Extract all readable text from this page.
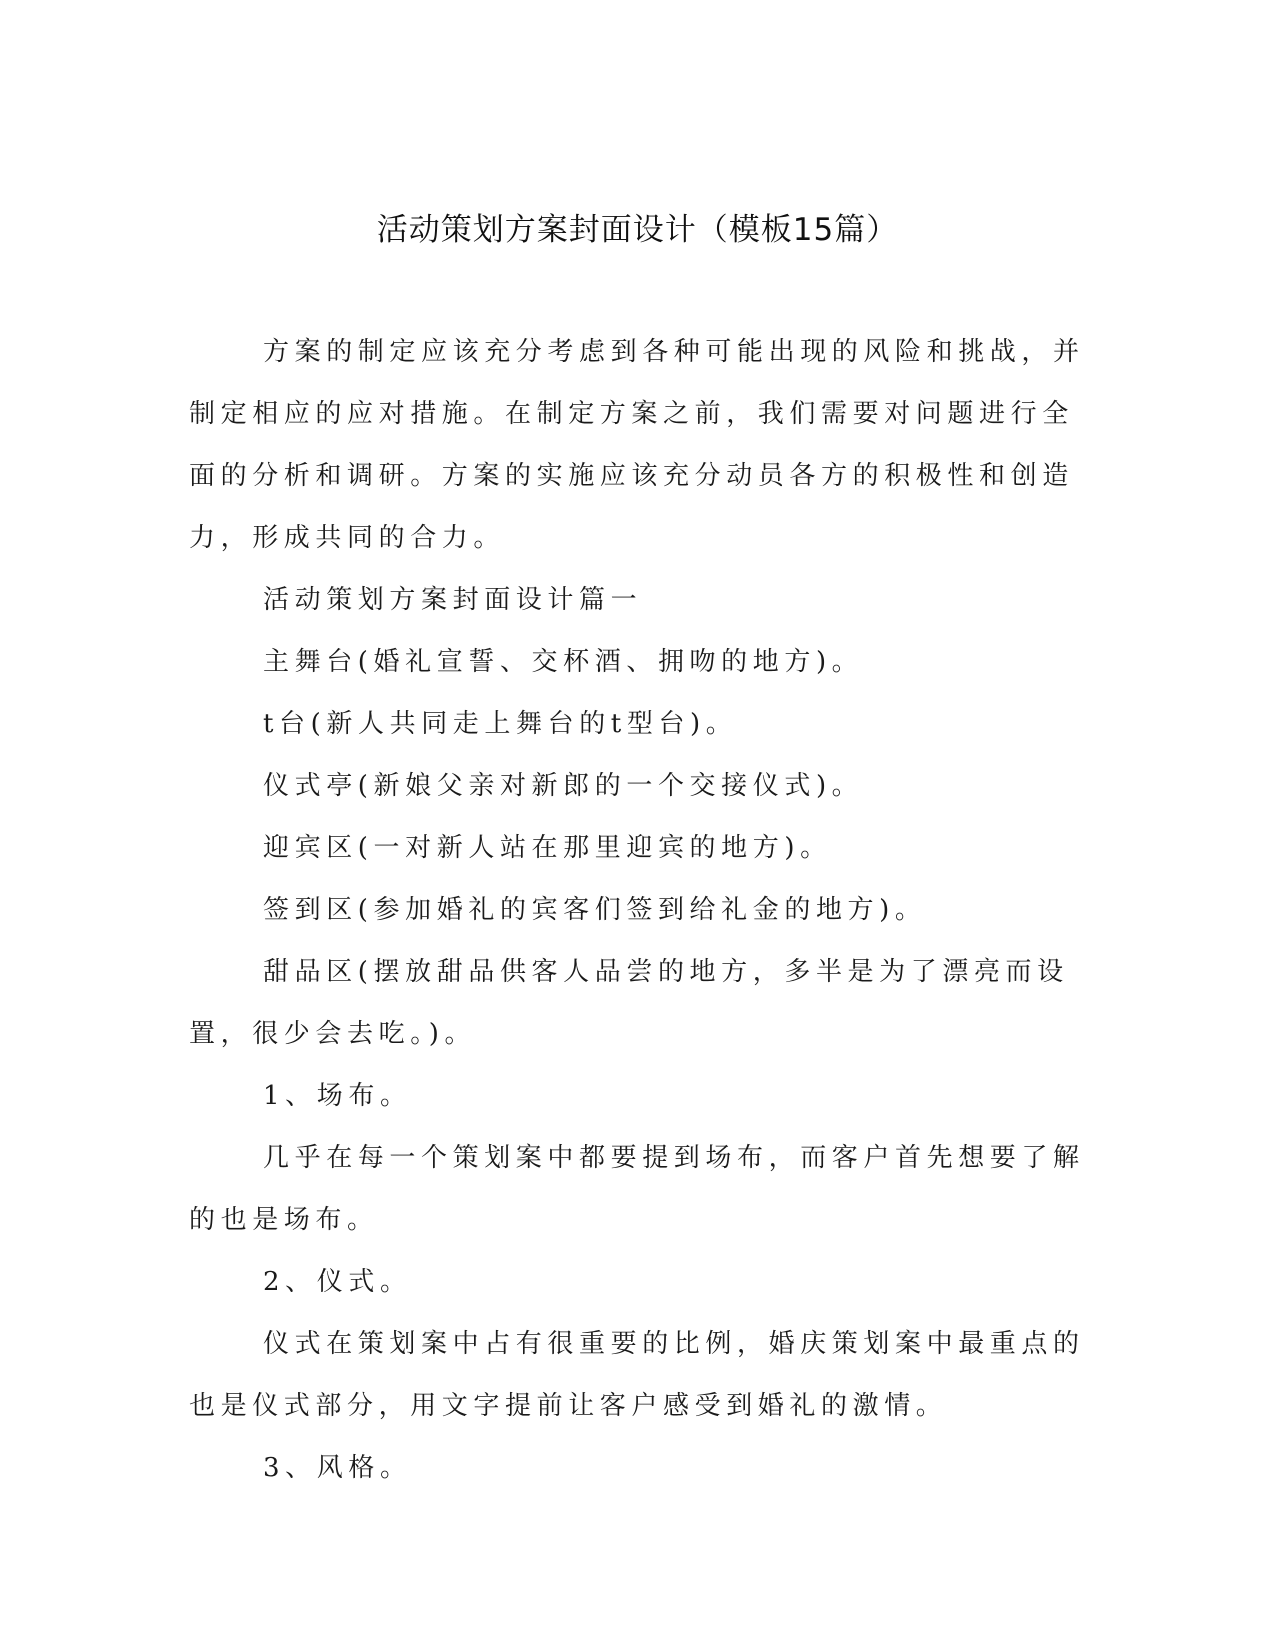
活动策划方案封面设计（模板15篇）

方案的制定应该充分考虑到各种可能出现的风险和挑战，并制定相应的应对措施。在制定方案之前，我们需要对问题进行全面的分析和调研。方案的实施应该充分动员各方的积极性和创造力，形成共同的合力。

活动策划方案封面设计篇一

主舞台(婚礼宣誓、交杯酒、拥吻的地方)。

t台(新人共同走上舞台的t型台)。

仪式亭(新娘父亲对新郎的一个交接仪式)。

迎宾区(一对新人站在那里迎宾的地方)。

签到区(参加婚礼的宾客们签到给礼金的地方)。

甜品区(摆放甜品供客人品尝的地方，多半是为了漂亮而设置，很少会去吃。)。

1、场布。

几乎在每一个策划案中都要提到场布，而客户首先想要了解的也是场布。

2、仪式。

仪式在策划案中占有很重要的比例，婚庆策划案中最重点的也是仪式部分，用文字提前让客户感受到婚礼的激情。

3、风格。
